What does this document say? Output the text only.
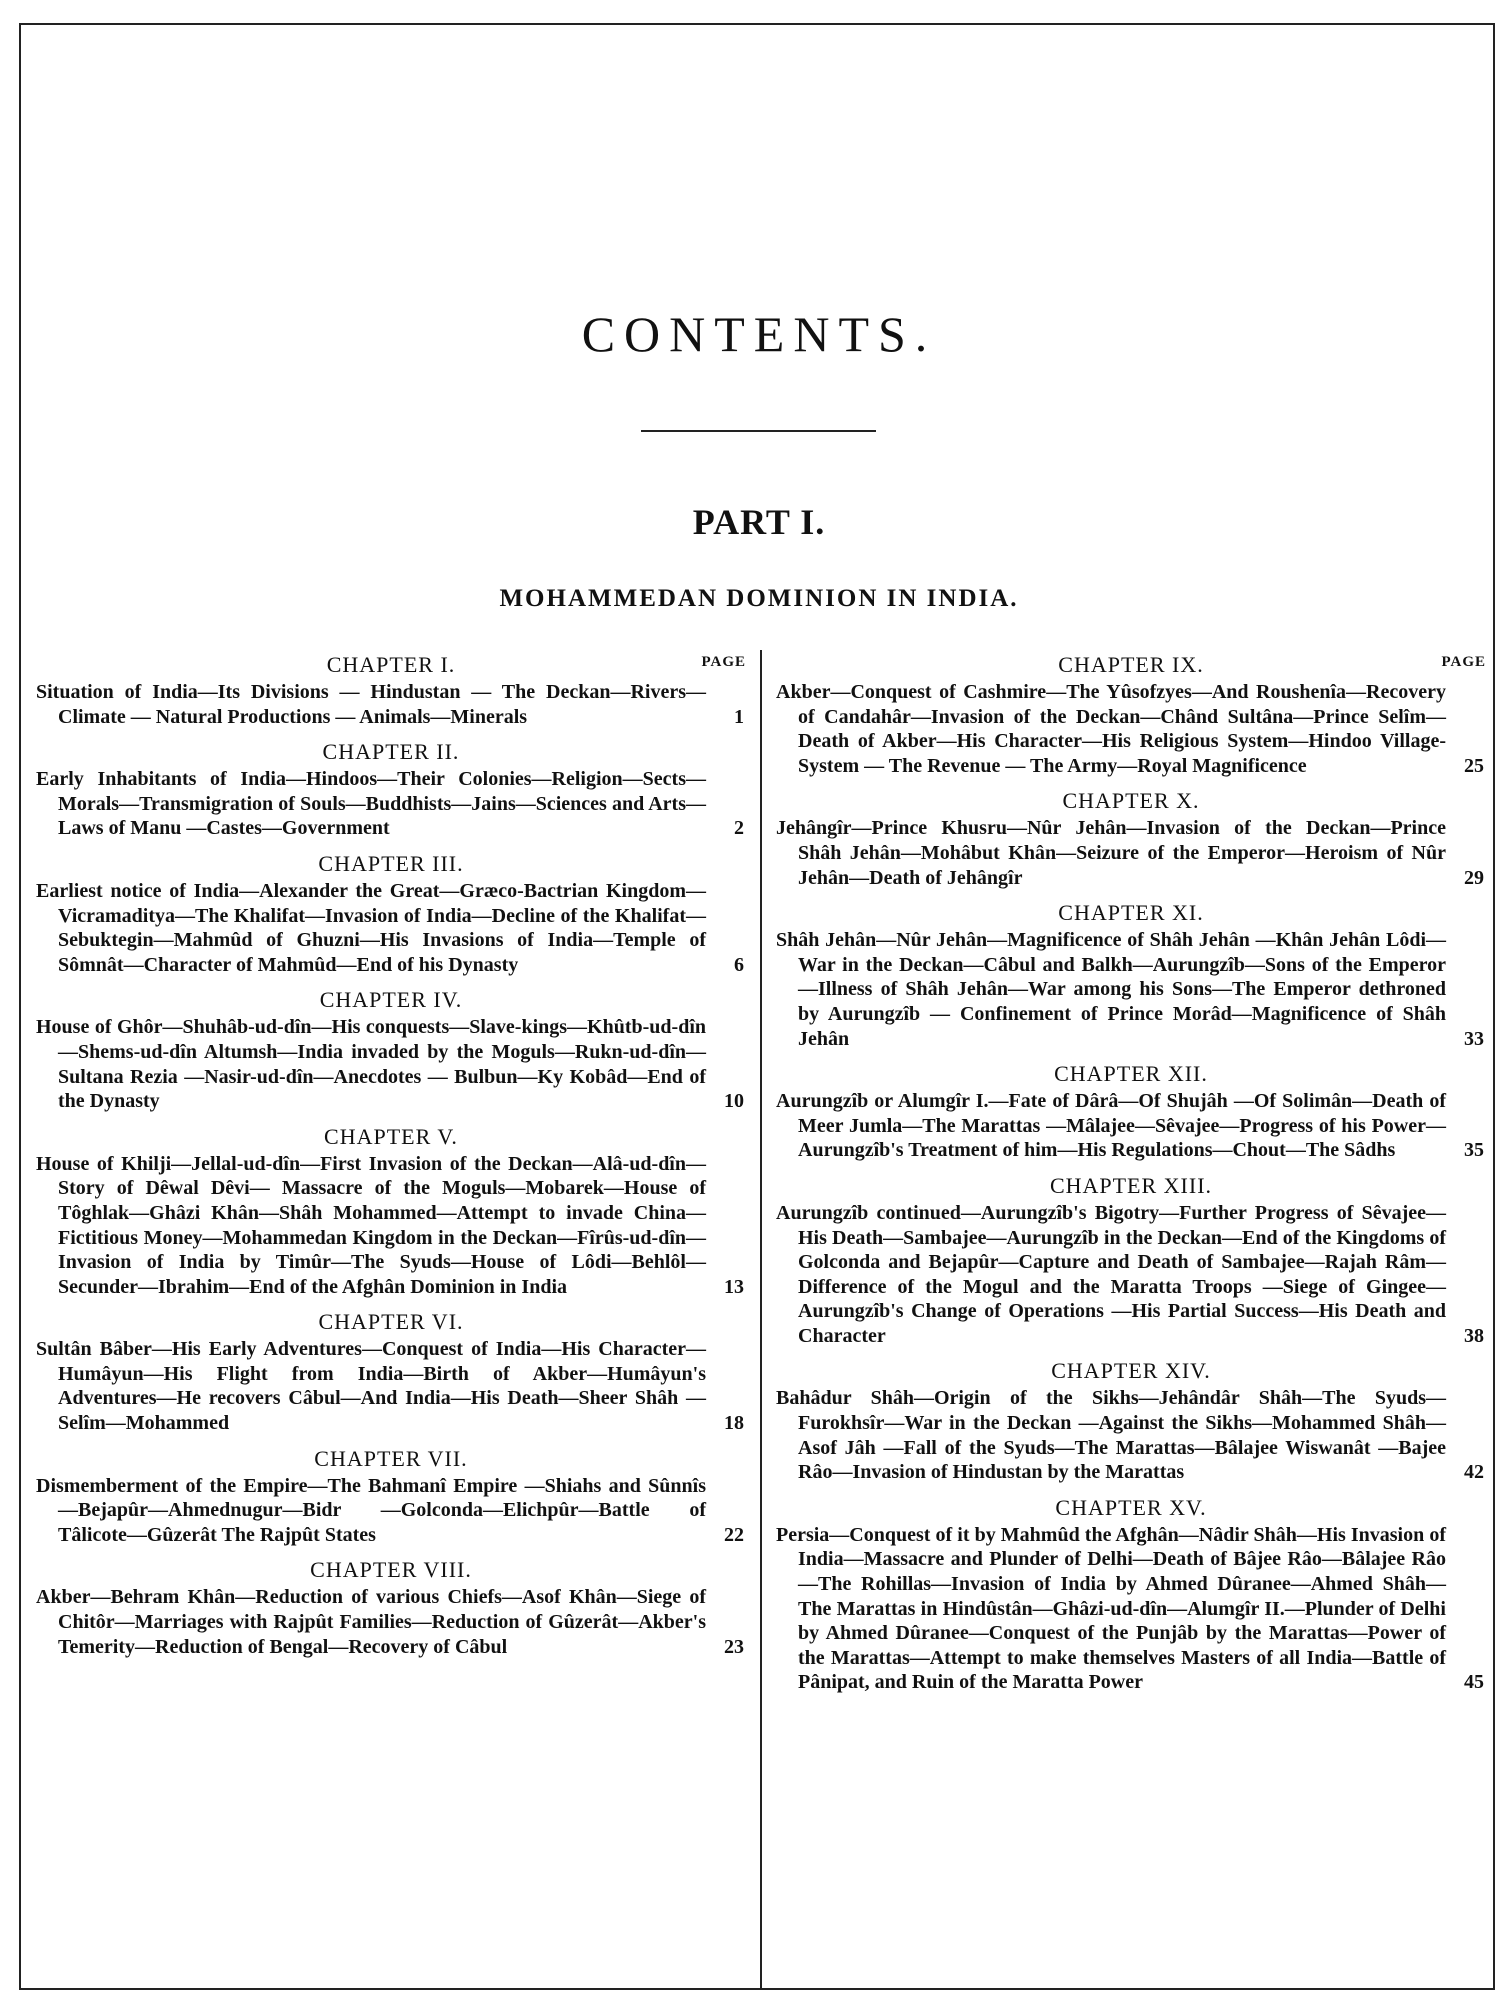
CONTENTS.
PART I.
MOHAMMEDAN DOMINION IN INDIA.
CHAPTER I.	PAGE
Situation of India—Its Divisions — Hindustan — The Deckan—Rivers—Climate — Natural Productions — Animals—Minerals	1
CHAPTER II.
Early Inhabitants of India—Hindoos—Their Colonies—Religion—Sects—Morals—Transmigration of Souls—Buddhists—Jains—Sciences and Arts—Laws of Manu —Castes—Government	2
CHAPTER III.
Earliest notice of India—Alexander the Great—Græco-Bactrian Kingdom—Vicramaditya—The Khalifat—Invasion of India—Decline of the Khalifat—Sebuktegin—Mahmûd of Ghuzni—His Invasions of India—Temple of Sômnât—Character of Mahmûd—End of his Dynasty	6
CHAPTER IV.
House of Ghôr—Shuhâb-ud-dîn—His conquests—Slave-kings—Khûtb-ud-dîn—Shems-ud-dîn Altumsh—India invaded by the Moguls—Rukn-ud-dîn—Sultana Rezia —Nasir-ud-dîn—Anecdotes — Bulbun—Ky Kobâd—End of the Dynasty	10
CHAPTER V.
House of Khilji—Jellal-ud-dîn—First Invasion of the Deckan—Alâ-ud-dîn—Story of Dêwal Dêvi— Massacre of the Moguls—Mobarek—House of Tôghlak—Ghâzi Khân—Shâh Mohammed—Attempt to invade China—Fictitious Money—Mohammedan Kingdom in the Deckan—Fîrûs-ud-dîn—Invasion of India by Timûr—The Syuds—House of Lôdi—Behlôl—Secunder—Ibrahim—End of the Afghân Dominion in India	13
CHAPTER VI.
Sultân Bâber—His Early Adventures—Conquest of India—His Character—Humâyun—His Flight from India—Birth of Akber—Humâyun's Adventures—He recovers Câbul—And India—His Death—Sheer Shâh —Selîm—Mohammed	18
CHAPTER VII.
Dismemberment of the Empire—The Bahmanî Empire —Shiahs and Sûnnîs—Bejapûr—Ahmednugur—Bidr —Golconda—Elichpûr—Battle of Tâlicote—Gûzerât The Rajpût States	22
CHAPTER VIII.
Akber—Behram Khân—Reduction of various Chiefs—Asof Khân—Siege of Chitôr—Marriages with Rajpût Families—Reduction of Gûzerât—Akber's Temerity—Reduction of Bengal—Recovery of Câbul	23
CHAPTER IX.	PAGE
Akber—Conquest of Cashmire—The Yûsofzyes—And Roushenîa—Recovery of Candahâr—Invasion of the Deckan—Chând Sultâna—Prince Selîm—Death of Akber—His Character—His Religious System—Hindoo Village-System — The Revenue — The Army—Royal Magnificence	25
CHAPTER X.
Jehângîr—Prince Khusru—Nûr Jehân—Invasion of the Deckan—Prince Shâh Jehân—Mohâbut Khân—Seizure of the Emperor—Heroism of Nûr Jehân—Death of Jehângîr	29
CHAPTER XI.
Shâh Jehân—Nûr Jehân—Magnificence of Shâh Jehân —Khân Jehân Lôdi—War in the Deckan—Câbul and Balkh—Aurungzîb—Sons of the Emperor—Illness of Shâh Jehân—War among his Sons—The Emperor dethroned by Aurungzîb — Confinement of Prince Morâd—Magnificence of Shâh Jehân	33
CHAPTER XII.
Aurungzîb or Alumgîr I.—Fate of Dârâ—Of Shujâh —Of Solimân—Death of Meer Jumla—The Marattas —Mâlajee—Sêvajee—Progress of his Power—Aurungzîb's Treatment of him—His Regulations—Chout—The Sâdhs	35
CHAPTER XIII.
Aurungzîb continued—Aurungzîb's Bigotry—Further Progress of Sêvajee—His Death—Sambajee—Aurungzîb in the Deckan—End of the Kingdoms of Golconda and Bejapûr—Capture and Death of Sambajee—Rajah Râm—Difference of the Mogul and the Maratta Troops —Siege of Gingee—Aurungzîb's Change of Operations —His Partial Success—His Death and Character	38
CHAPTER XIV.
Bahâdur Shâh—Origin of the Sikhs—Jehândâr Shâh—The Syuds—Furokhsîr—War in the Deckan —Against the Sikhs—Mohammed Shâh—Asof Jâh —Fall of the Syuds—The Marattas—Bâlajee Wiswanât —Bajee Râo—Invasion of Hindustan by the Marattas	42
CHAPTER XV.
Persia—Conquest of it by Mahmûd the Afghân—Nâdir Shâh—His Invasion of India—Massacre and Plunder of Delhi—Death of Bâjee Râo—Bâlajee Râo—The Rohillas—Invasion of India by Ahmed Dûranee—Ahmed Shâh—The Marattas in Hindûstân—Ghâzi-ud-dîn—Alumgîr II.—Plunder of Delhi by Ahmed Dûranee—Conquest of the Punjâb by the Marattas—Power of the Marattas—Attempt to make themselves Masters of all India—Battle of Pânipat, and Ruin of the Maratta Power	45
